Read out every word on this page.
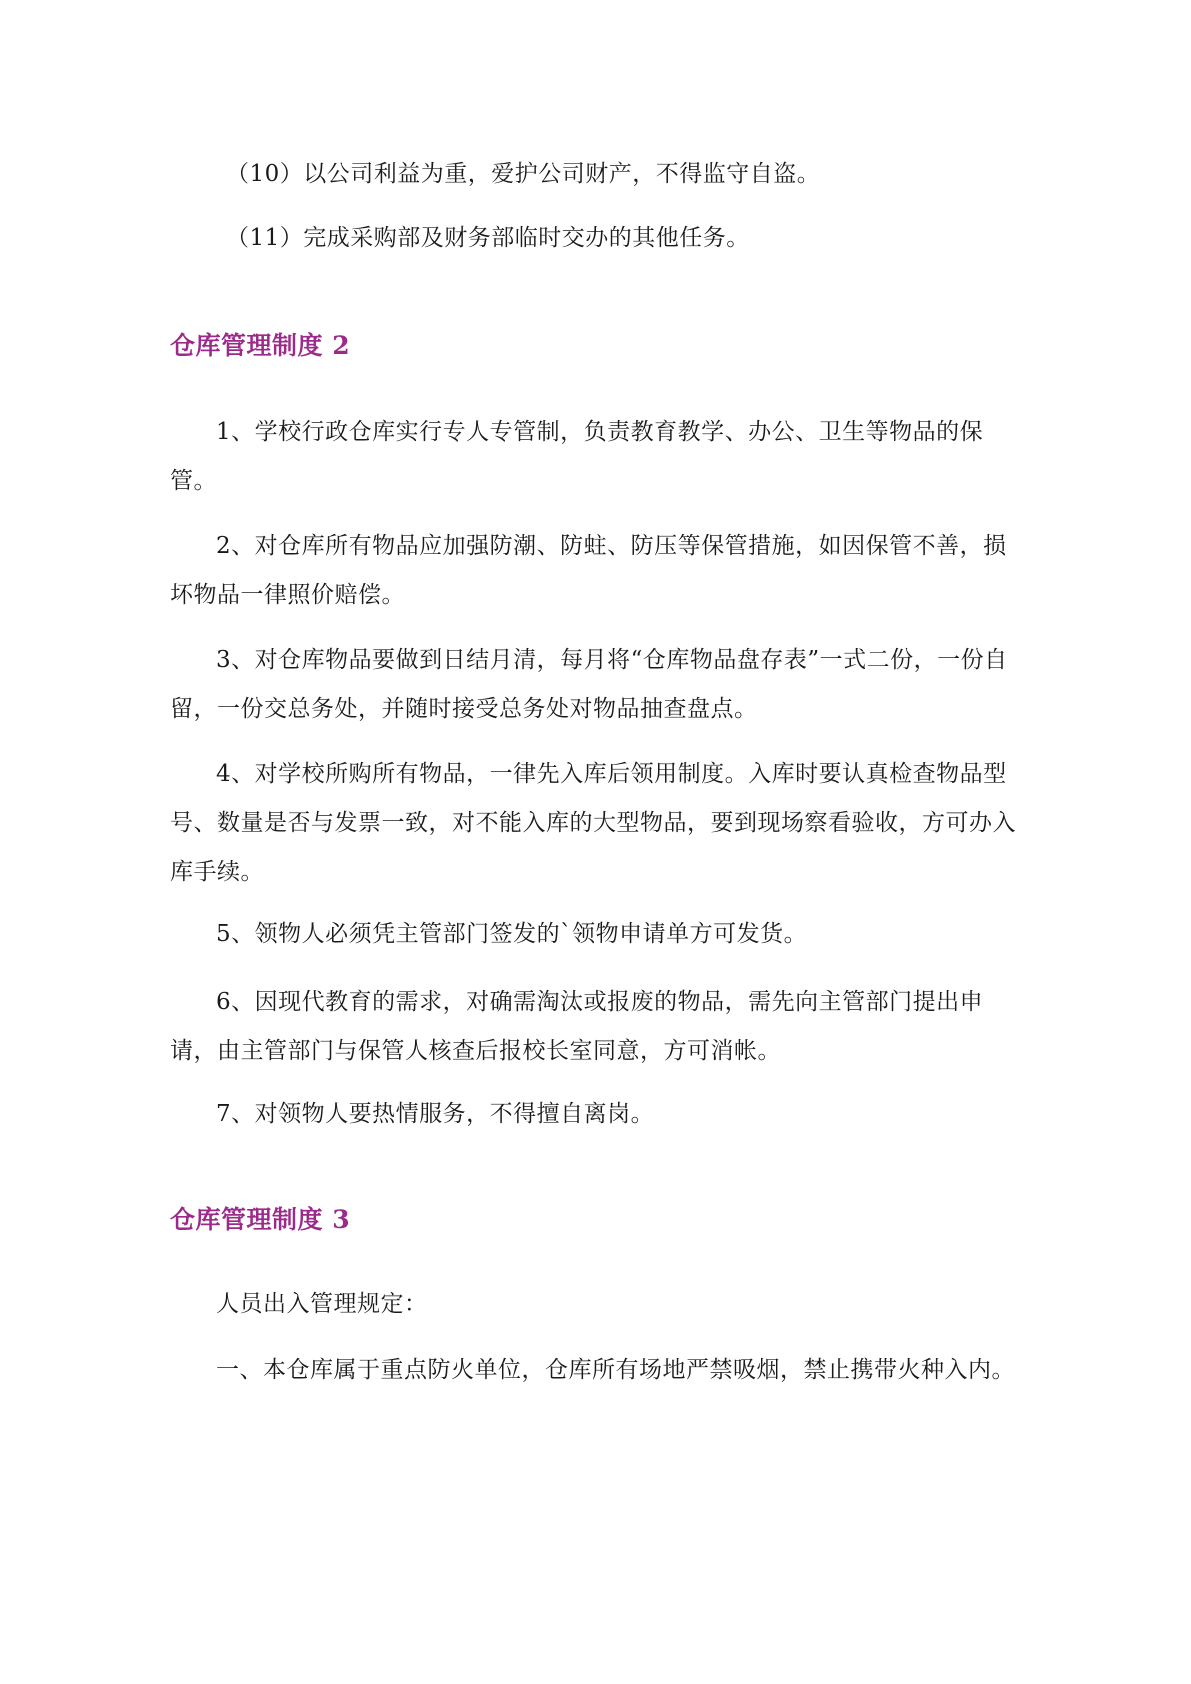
（10）以公司利益为重，爱护公司财产，不得监守自盗。

（11）完成采购部及财务部临时交办的其他任务。

仓库管理制度 2

1、学校行政仓库实行专人专管制，负责教育教学、办公、卫生等物品的保管。

2、对仓库所有物品应加强防潮、防蛀、防压等保管措施，如因保管不善，损坏物品一律照价赔偿。

3、对仓库物品要做到日结月清，每月将“仓库物品盘存表”一式二份，一份自留，一份交总务处，并随时接受总务处对物品抽查盘点。

4、对学校所购所有物品，一律先入库后领用制度。入库时要认真检查物品型号、数量是否与发票一致，对不能入库的大型物品，要到现场察看验收，方可办入库手续。

5、领物人必须凭主管部门签发的`领物申请单方可发货。

6、因现代教育的需求，对确需淘汰或报废的物品，需先向主管部门提出申请，由主管部门与保管人核查后报校长室同意，方可消帐。

7、对领物人要热情服务，不得擅自离岗。

仓库管理制度 3

人员出入管理规定：

一、本仓库属于重点防火单位，仓库所有场地严禁吸烟，禁止携带火种入内。
